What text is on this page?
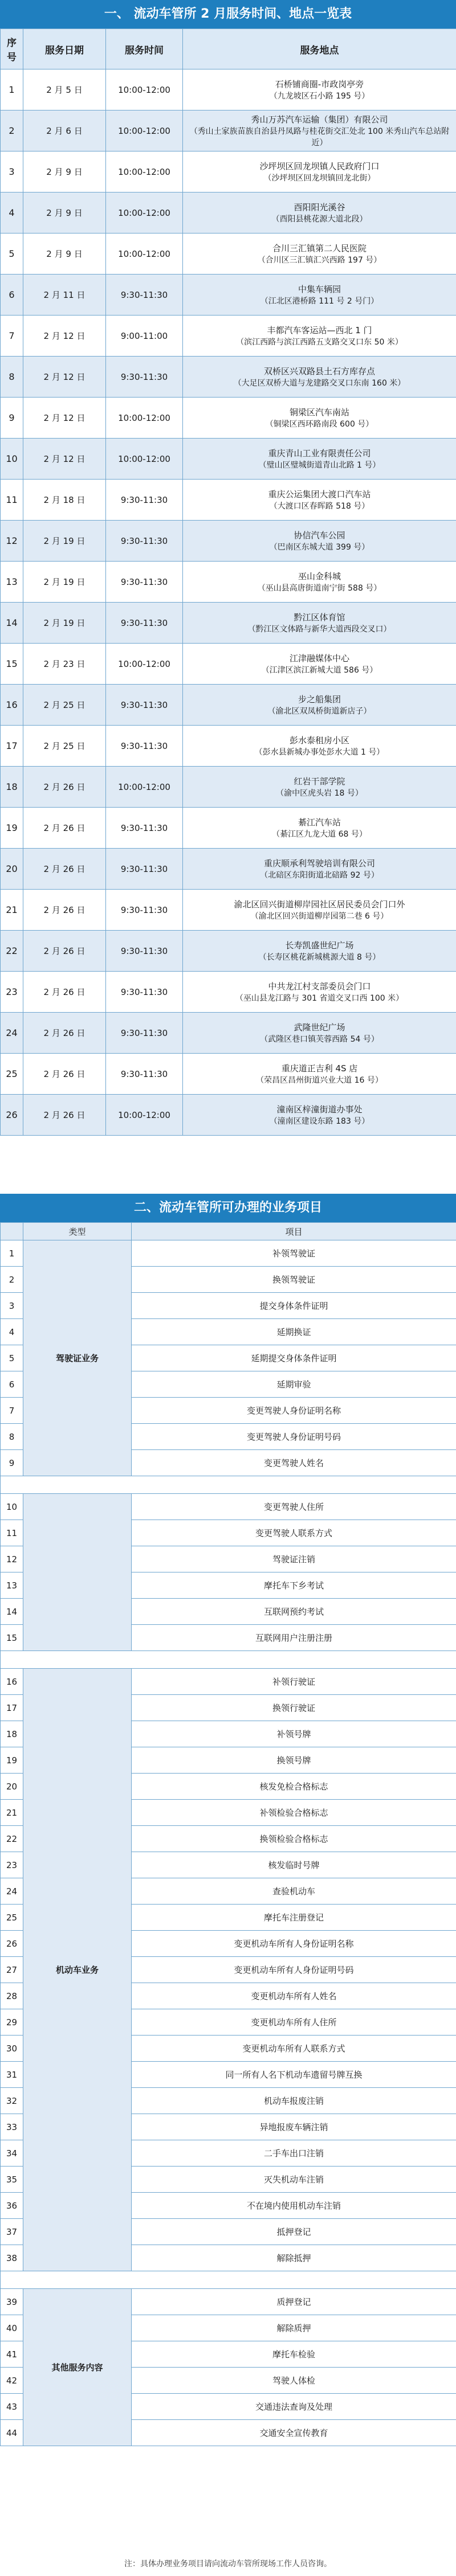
一、 流动车管所 2 月服务时间、地点一览表
序号	服务日期	服务时间	服务地点
1	2 月 5 日	10:00-12:00	石桥铺商圈-市政岗亭旁
（九龙坡区石小路 195 号）

2	2 月 6 日	10:00-12:00	秀山万苏汽车运输（集团）有限公司
（秀山土家族苗族自治县丹凤路与桂花街交汇处北 100 米秀山汽车总站附近）

3	2 月 9 日	10:00-12:00	沙坪坝区回龙坝镇人民政府门口
（沙坪坝区回龙坝镇回龙北街）

4	2 月 9 日	10:00-12:00	酉阳阳光溪谷
（酉阳县桃花源大道北段）

5	2 月 9 日	10:00-12:00	合川三汇镇第二人民医院
（合川区三汇镇汇兴西路 197 号）

6	2 月 11 日	9:30-11:30	中集车辆园
（江北区港桥路 111 号 2 号门）

7	2 月 12 日	9:00-11:00	丰都汽车客运站—西北 1 门
（滨江西路与滨江西路五支路交叉口东 50 米）

8	2 月 12 日	9:30-11:30	双桥区兴双路县土石方库存点
（大足区双桥大道与龙建路交叉口东南 160 米）

9	2 月 12 日	10:00-12:00	铜梁区汽车南站
（铜梁区西环路南段 600 号）

10	2 月 12 日	10:00-12:00	重庆青山工业有限责任公司
（璧山区璧城街道青山北路 1 号）

11	2 月 18 日	9:30-11:30	重庆公运集团大渡口汽车站
（大渡口区春晖路 518 号）

12	2 月 19 日	9:30-11:30	协信汽车公园
（巴南区东城大道 399 号）

13	2 月 19 日	9:30-11:30	巫山金科城
（巫山县高唐街道南宁街 588 号）

14	2 月 19 日	9:30-11:30	黔江区体育馆
（黔江区文体路与新华大道西段交叉口）

15	2 月 23 日	10:00-12:00	江津融媒体中心
（江津区滨江新城大道 586 号）

16	2 月 25 日	9:30-11:30	步之船集团
（渝北区双凤桥街道新店子）

17	2 月 25 日	9:30-11:30	彭水泰租房小区
（彭水县新城办事处彭水大道 1 号）

18	2 月 26 日	10:00-12:00	红岩干部学院
（渝中区虎头岩 18 号）

19	2 月 26 日	9:30-11:30	綦江汽车站
（綦江区九龙大道 68 号）

20	2 月 26 日	9:30-11:30	重庆顺承利驾驶培训有限公司
（北碚区东阳街道北碚路 92 号）

21	2 月 26 日	9:30-11:30	渝北区回兴街道柳岸园社区居民委员会门口外
（渝北区回兴街道柳岸园第二巷 6 号）

22	2 月 26 日	9:30-11:30	长寿凯盛世纪广场
（长寿区桃花新城桃源大道 8 号）

23	2 月 26 日	9:30-11:30	中共龙江村支部委员会门口
（巫山县龙江路与 301 省道交叉口西 100 米）

24	2 月 26 日	9:30-11:30	武隆世纪广场
（武隆区巷口镇芙蓉西路 54 号）

25	2 月 26 日	9:30-11:30	重庆道正吉利 4S 店
（荣昌区昌州街道兴业大道 16 号）

26	2 月 26 日	10:00-12:00	潼南区梓潼街道办事处
（潼南区建设东路 183 号）
二、流动车管所可办理的业务项目
	类型	项目
1	驾驶证业务	补领驾驶证
2		换领驾驶证
3		提交身体条件证明
4		延期换证
5		延期提交身体条件证明
6		延期审验
7		变更驾驶人身份证明名称
8		变更驾驶人身份证明号码
9		变更驾驶人姓名

10		变更驾驶人住所
11		变更驾驶人联系方式
12		驾驶证注销
13		摩托车下乡考试
14		互联网预约考试
15		互联网用户注册注册

16	机动车业务	补领行驶证
17		换领行驶证
18		补领号牌
19		换领号牌
20		核发免检合格标志
21		补领检验合格标志
22		换领检验合格标志
23		核发临时号牌
24		查验机动车
25		摩托车注册登记
26		变更机动车所有人身份证明名称
27		变更机动车所有人身份证明号码
28		变更机动车所有人姓名
29		变更机动车所有人住所
30		变更机动车所有人联系方式
31		同一所有人名下机动车遗留号牌互换
32		机动车报废注销
33		异地报废车辆注销
34		二手车出口注销
35		灭失机动车注销
36		不在境内使用机动车注销
37		抵押登记
38		解除抵押

39	其他服务内容	质押登记
40		解除质押
41		摩托车检验
42		驾驶人体检
43		交通违法查询及处理
44		交通安全宣传教育
注：具体办理业务项目请向流动车管所现场工作人员咨询。
